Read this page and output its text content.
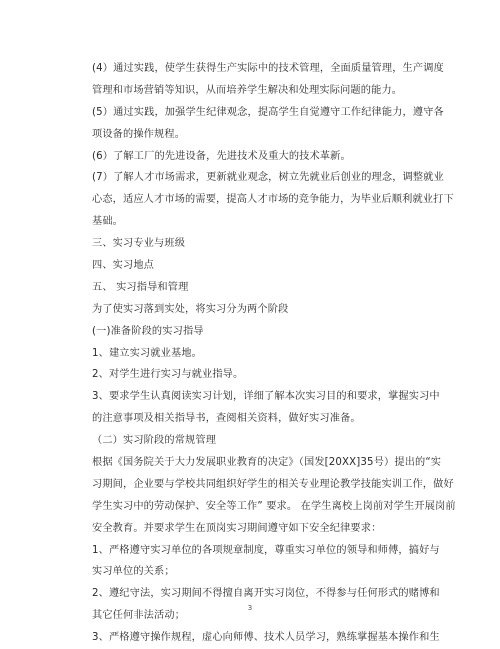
(4）通过实践，使学生获得生产实际中的技术管理，全面质量管理，生产调度
管理和市场营销等知识，从而培养学生解决和处理实际问题的能力。
(5）通过实践，加强学生纪律观念，提高学生自觉遵守工作纪律能力，遵守各
项设备的操作规程。
(6）了解工厂的先进设备，先进技术及重大的技术革新。
(7）了解人才市场需求，更新就业观念，树立先就业后创业的理念，调整就业
心态，适应人才市场的需要，提高人才市场的竞争能力，为毕业后顺利就业打下
基础。
三、实习专业与班级
四、实习地点
五、 实习指导和管理
为了使实习落到实处，将实习分为两个阶段
(一)准备阶段的实习指导
1、建立实习就业基地。
2、对学生进行实习与就业指导。
3、要求学生认真阅读实习计划，详细了解本次实习目的和要求，掌握实习中
的注意事项及相关指导书，查阅相关资料，做好实习准备。
（二）实习阶段的常规管理
根据《国务院关于大力发展职业教育的决定》（国发[20XX]35号）提出的“实
习期间，企业要与学校共同组织好学生的相关专业理论教学技能实训工作，做好
学生实习中的劳动保护、安全等工作” 要求。 在学生离校上岗前对学生开展岗前
安全教育。并要求学生在顶岗实习期间遵守如下安全纪律要求：
1、严格遵守实习单位的各项规章制度，尊重实习单位的领导和师傅，搞好与
实习单位的关系；
2、遵纪守法，实习期间不得擅自离开实习岗位，不得参与任何形式的赌博和
其它任何非法活动；
3、严格遵守操作规程，虚心向师傅、技术人员学习，熟练掌握基本操作和生
3
